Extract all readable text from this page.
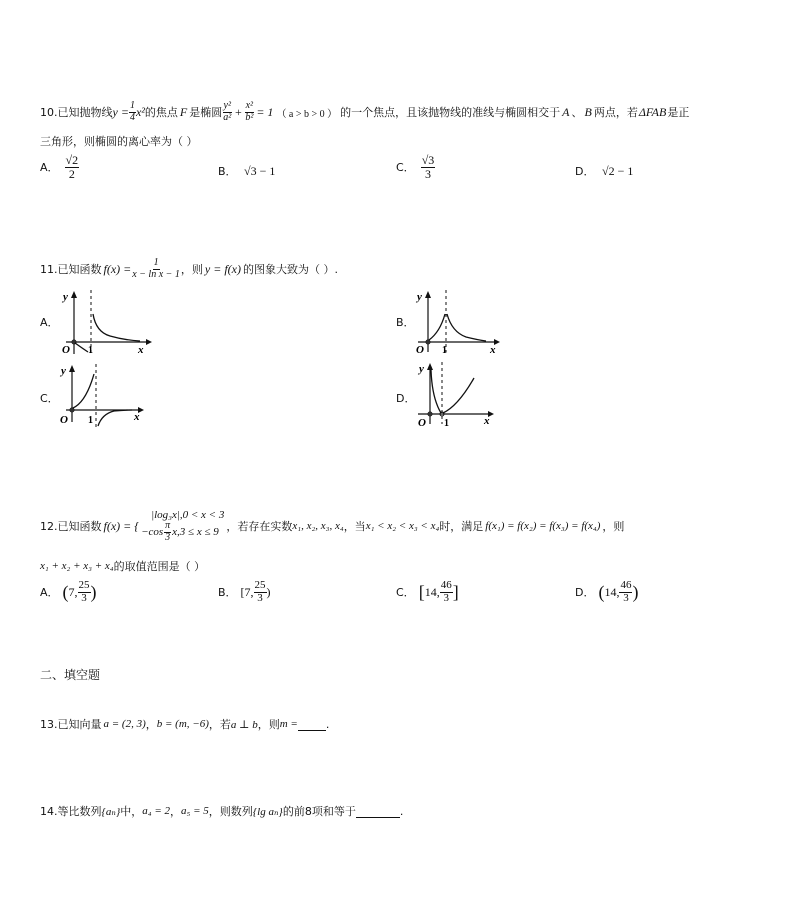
10. 已知抛物线 $y = \frac{1}{4} x^2$ 的焦点 F 是椭圆 $\frac{\text{y²}}{\text{a²}} + \frac{\text{x²}}{\text{b²}} = 1$ （ a > b > 0 ） 的一个焦点，且该抛物线的准线与椭圆相交于 A 、 B 两点，若 ΔFAB 是正
三角形，则椭圆的离心率为（ ）
A． $\frac{√2}{2}$	B． √3 − 1	C． $\frac{√3}{3}$	D． √2 − 1
11. 已知函数 $f(x) = \frac{1}{\text{x − ln x − 1}}$ ，则 y = f(x) 的图象大致为（ ）.
A．
y
x
O 1
B．
y
x
O 1
C．
y
x
O 1
D．
y
x
O 1
12. 已知函数 f(x) = {
|log₃x|,0 < x < 3
$-\cos \frac{\pi}{3} x,3 \le x \le 9$ ，若存在实数 x₁, x₂, x₃, x₄ ，当 x₁ < x₂ < x₃ < x₄ 时，满足 f(x₁) = f(x₂) = f(x₃) = f(x₄) ，则
x₁ + x₂ + x₃ + x₄ 的取值范围是（ ）
A． ( 7, $\frac{25}{3}$ )	B． [7, $\frac{25}{3}$ )	C． [ 14, $\frac{46}{3}$ ]	D． ( 14, $\frac{46}{3}$ )
二、填空题
13. 已知向量 a = (2, 3) ， b = (m, −6) ，若 a ⊥ b ，则 m =	.
14. 等比数列 {aₙ} 中， a₄ = 2 ， a₅ = 5 ，则数列 {lg aₙ} 的前8项和等于	.
